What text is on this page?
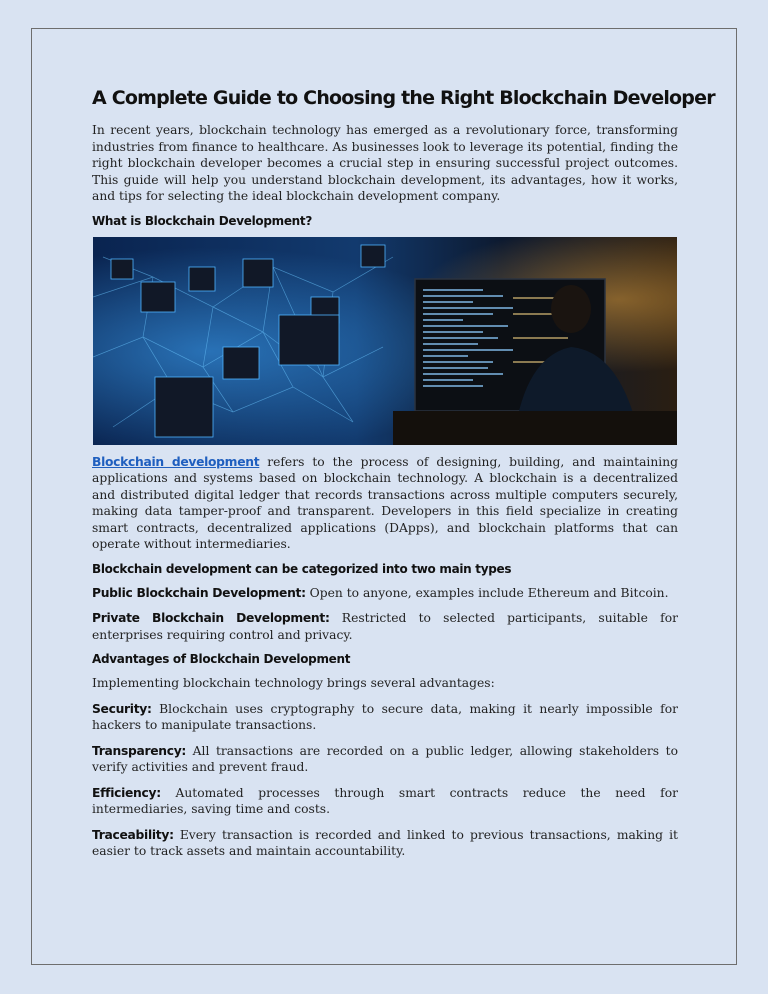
A Complete Guide to Choosing the Right Blockchain Developer

In recent years, blockchain technology has emerged as a revolutionary force, transforming industries from finance to healthcare. As businesses look to leverage its potential, finding the right blockchain developer becomes a crucial step in ensuring successful project outcomes. This guide will help you understand blockchain development, its advantages, how it works, and tips for selecting the ideal blockchain development company.

What is Blockchain Development?

Blockchain development refers to the process of designing, building, and maintaining applications and systems based on blockchain technology. A blockchain is a decentralized and distributed digital ledger that records transactions across multiple computers securely, making data tamper-proof and transparent. Developers in this field specialize in creating smart contracts, decentralized applications (DApps), and blockchain platforms that can operate without intermediaries.

Blockchain development can be categorized into two main types

Public Blockchain Development: Open to anyone, examples include Ethereum and Bitcoin.

Private Blockchain Development: Restricted to selected participants, suitable for enterprises requiring control and privacy.

Advantages of Blockchain Development

Implementing blockchain technology brings several advantages:

Security: Blockchain uses cryptography to secure data, making it nearly impossible for hackers to manipulate transactions.

Transparency: All transactions are recorded on a public ledger, allowing stakeholders to verify activities and prevent fraud.

Efficiency: Automated processes through smart contracts reduce the need for intermediaries, saving time and costs.

Traceability: Every transaction is recorded and linked to previous transactions, making it easier to track assets and maintain accountability.
